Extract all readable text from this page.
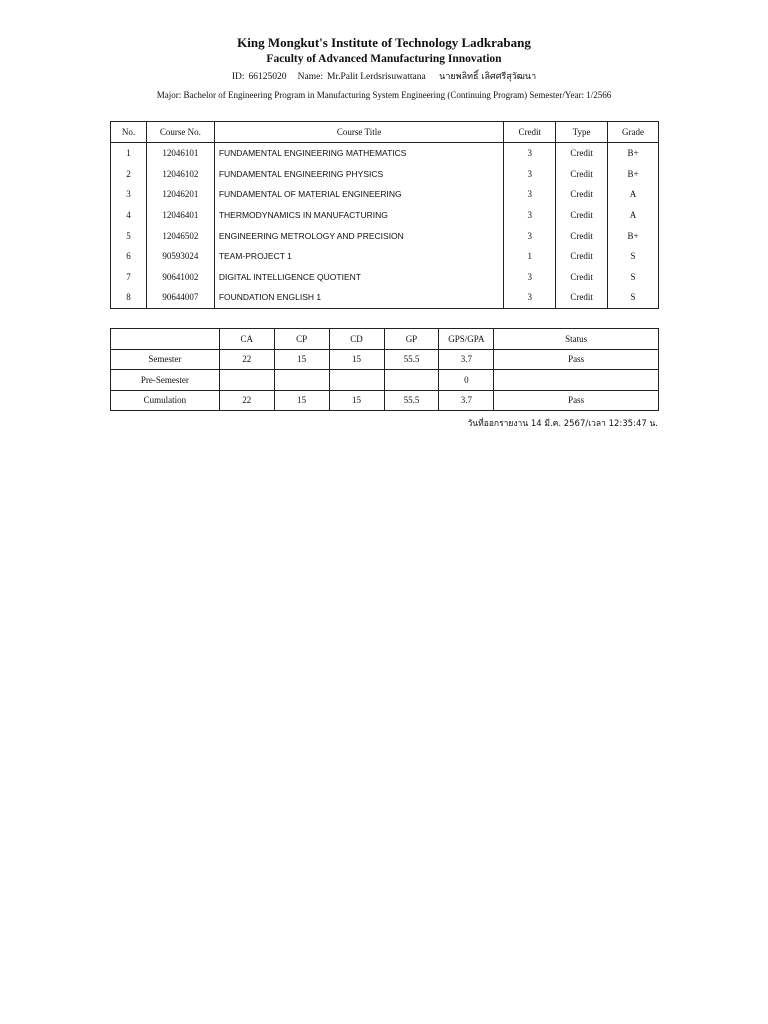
King Mongkut's Institute of Technology Ladkrabang
Faculty of Advanced Manufacturing Innovation
ID: 66125020 Name: Mr.Palit Lerdsrisuwattana นายพลิทธิ์ เลิศศรีสุวัฒนา
Major: Bachelor of Engineering Program in Manufacturing System Engineering (Continuing Program) Semester/Year: 1/2566
No.	Course No.	Course Title	Credit	Type	Grade
1	12046101	FUNDAMENTAL ENGINEERING MATHEMATICS	3	Credit	B+
2	12046102	FUNDAMENTAL ENGINEERING PHYSICS	3	Credit	B+
3	12046201	FUNDAMENTAL OF MATERIAL ENGINEERING	3	Credit	A
4	12046401	THERMODYNAMICS IN MANUFACTURING	3	Credit	A
5	12046502	ENGINEERING METROLOGY AND PRECISION	3	Credit	B+
6	90593024	TEAM-PROJECT 1	1	Credit	S
7	90641002	DIGITAL INTELLIGENCE QUOTIENT	3	Credit	S
8	90644007	FOUNDATION ENGLISH 1	3	Credit	S
	CA	CP	CD	GP	GPS/GPA	Status
Semester	22	15	15	55.5	3.7	Pass
Pre-Semester					0	
Cumulation	22	15	15	55.5	3.7	Pass
วันที่ออกรายงาน 14 มี.ค. 2567/เวลา 12:35:47 น.
